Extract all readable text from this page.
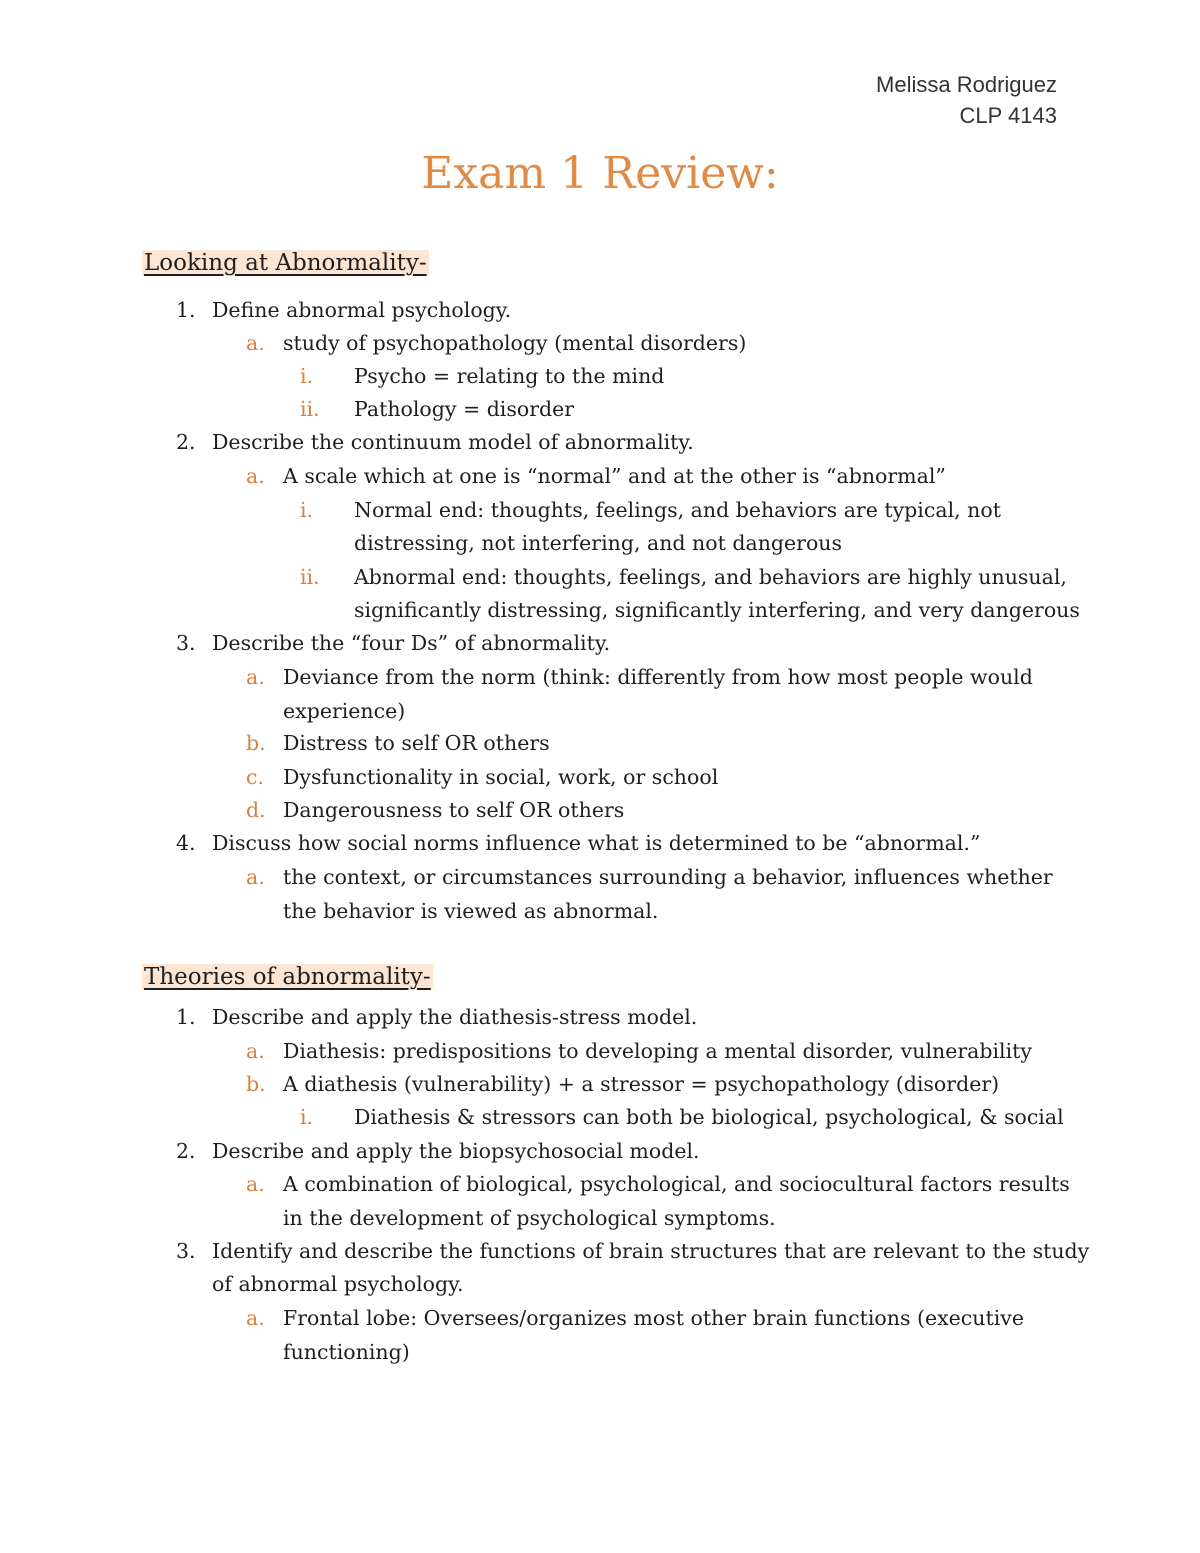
Melissa Rodriguez
CLP 4143
Exam 1 Review:
Looking at Abnormality-
1. Define abnormal psychology.
a. study of psychopathology (mental disorders)
i. Psycho = relating to the mind
ii. Pathology = disorder
2. Describe the continuum model of abnormality.
a. A scale which at one is “normal” and at the other is “abnormal”
i. Normal end: thoughts, feelings, and behaviors are typical, not
distressing, not interfering, and not dangerous
ii. Abnormal end: thoughts, feelings, and behaviors are highly unusual,
significantly distressing, significantly interfering, and very dangerous
3. Describe the “four Ds” of abnormality.
a. Deviance from the norm (think: differently from how most people would
experience)
b. Distress to self OR others
c. Dysfunctionality in social, work, or school
d. Dangerousness to self OR others
4. Discuss how social norms influence what is determined to be “abnormal.”
a. the context, or circumstances surrounding a behavior, influences whether
the behavior is viewed as abnormal.
Theories of abnormality-
1. Describe and apply the diathesis-stress model.
a. Diathesis: predispositions to developing a mental disorder, vulnerability
b. A diathesis (vulnerability) + a stressor = psychopathology (disorder)
i. Diathesis & stressors can both be biological, psychological, & social
2. Describe and apply the biopsychosocial model.
a. A combination of biological, psychological, and sociocultural factors results
in the development of psychological symptoms.
3. Identify and describe the functions of brain structures that are relevant to the study
of abnormal psychology.
a. Frontal lobe: Oversees/organizes most other brain functions (executive
functioning)
